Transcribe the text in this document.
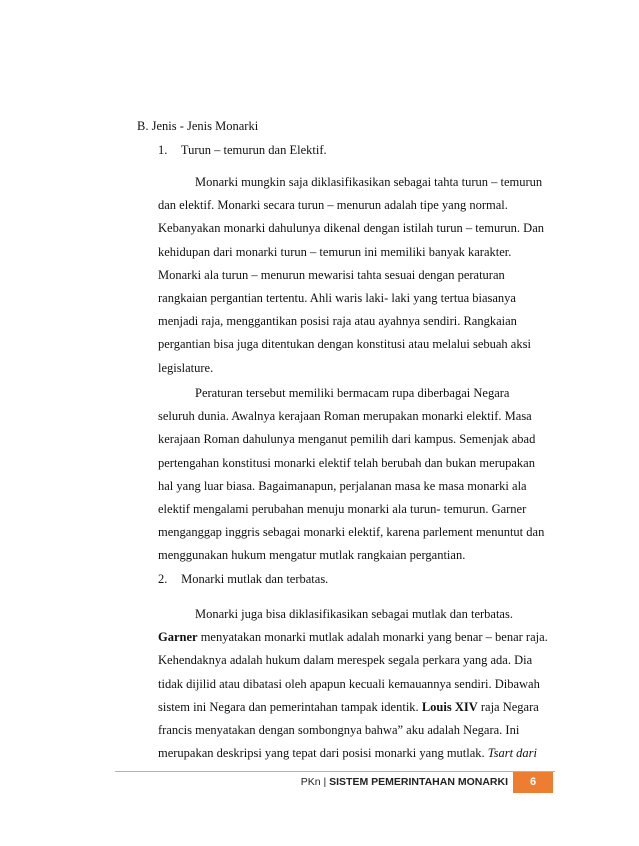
B. Jenis - Jenis Monarki
1. Turun – temurun dan Elektif.

Monarki mungkin saja diklasifikasikan sebagai tahta turun – temurun
dan elektif. Monarki secara turun – menurun adalah tipe yang normal.
Kebanyakan monarki dahulunya dikenal dengan istilah turun – temurun. Dan
kehidupan dari monarki turun – temurun ini memiliki banyak karakter.
Monarki ala turun – menurun mewarisi tahta sesuai dengan peraturan
rangkaian pergantian tertentu. Ahli waris laki- laki yang tertua biasanya
menjadi raja, menggantikan posisi raja atau ayahnya sendiri. Rangkaian
pergantian bisa juga ditentukan dengan konstitusi atau melalui sebuah aksi
legislature.

Peraturan tersebut memiliki bermacam rupa diberbagai Negara
seluruh dunia. Awalnya kerajaan Roman merupakan monarki elektif. Masa
kerajaan Roman dahulunya menganut pemilih dari kampus. Semenjak abad
pertengahan konstitusi monarki elektif telah berubah dan bukan merupakan
hal yang luar biasa. Bagaimanapun, perjalanan masa ke masa monarki ala
elektif mengalami perubahan menuju monarki ala turun- temurun. Garner
menganggap inggris sebagai monarki elektif, karena parlement menuntut dan
menggunakan hukum mengatur mutlak rangkaian pergantian.

2. Monarki mutlak dan terbatas.

Monarki juga bisa diklasifikasikan sebagai mutlak dan terbatas.
Garner menyatakan monarki mutlak adalah monarki yang benar – benar raja.
Kehendaknya adalah hukum dalam merespek segala perkara yang ada. Dia
tidak dijilid atau dibatasi oleh apapun kecuali kemauannya sendiri. Dibawah
sistem ini Negara dan pemerintahan tampak identik. Louis XIV raja Negara
francis menyatakan dengan sombongnya bahwa” aku adalah Negara. Ini
merupakan deskripsi yang tepat dari posisi monarki yang mutlak. Tsart dari

PKn | SISTEM PEMERINTAHAN MONARKI	6
